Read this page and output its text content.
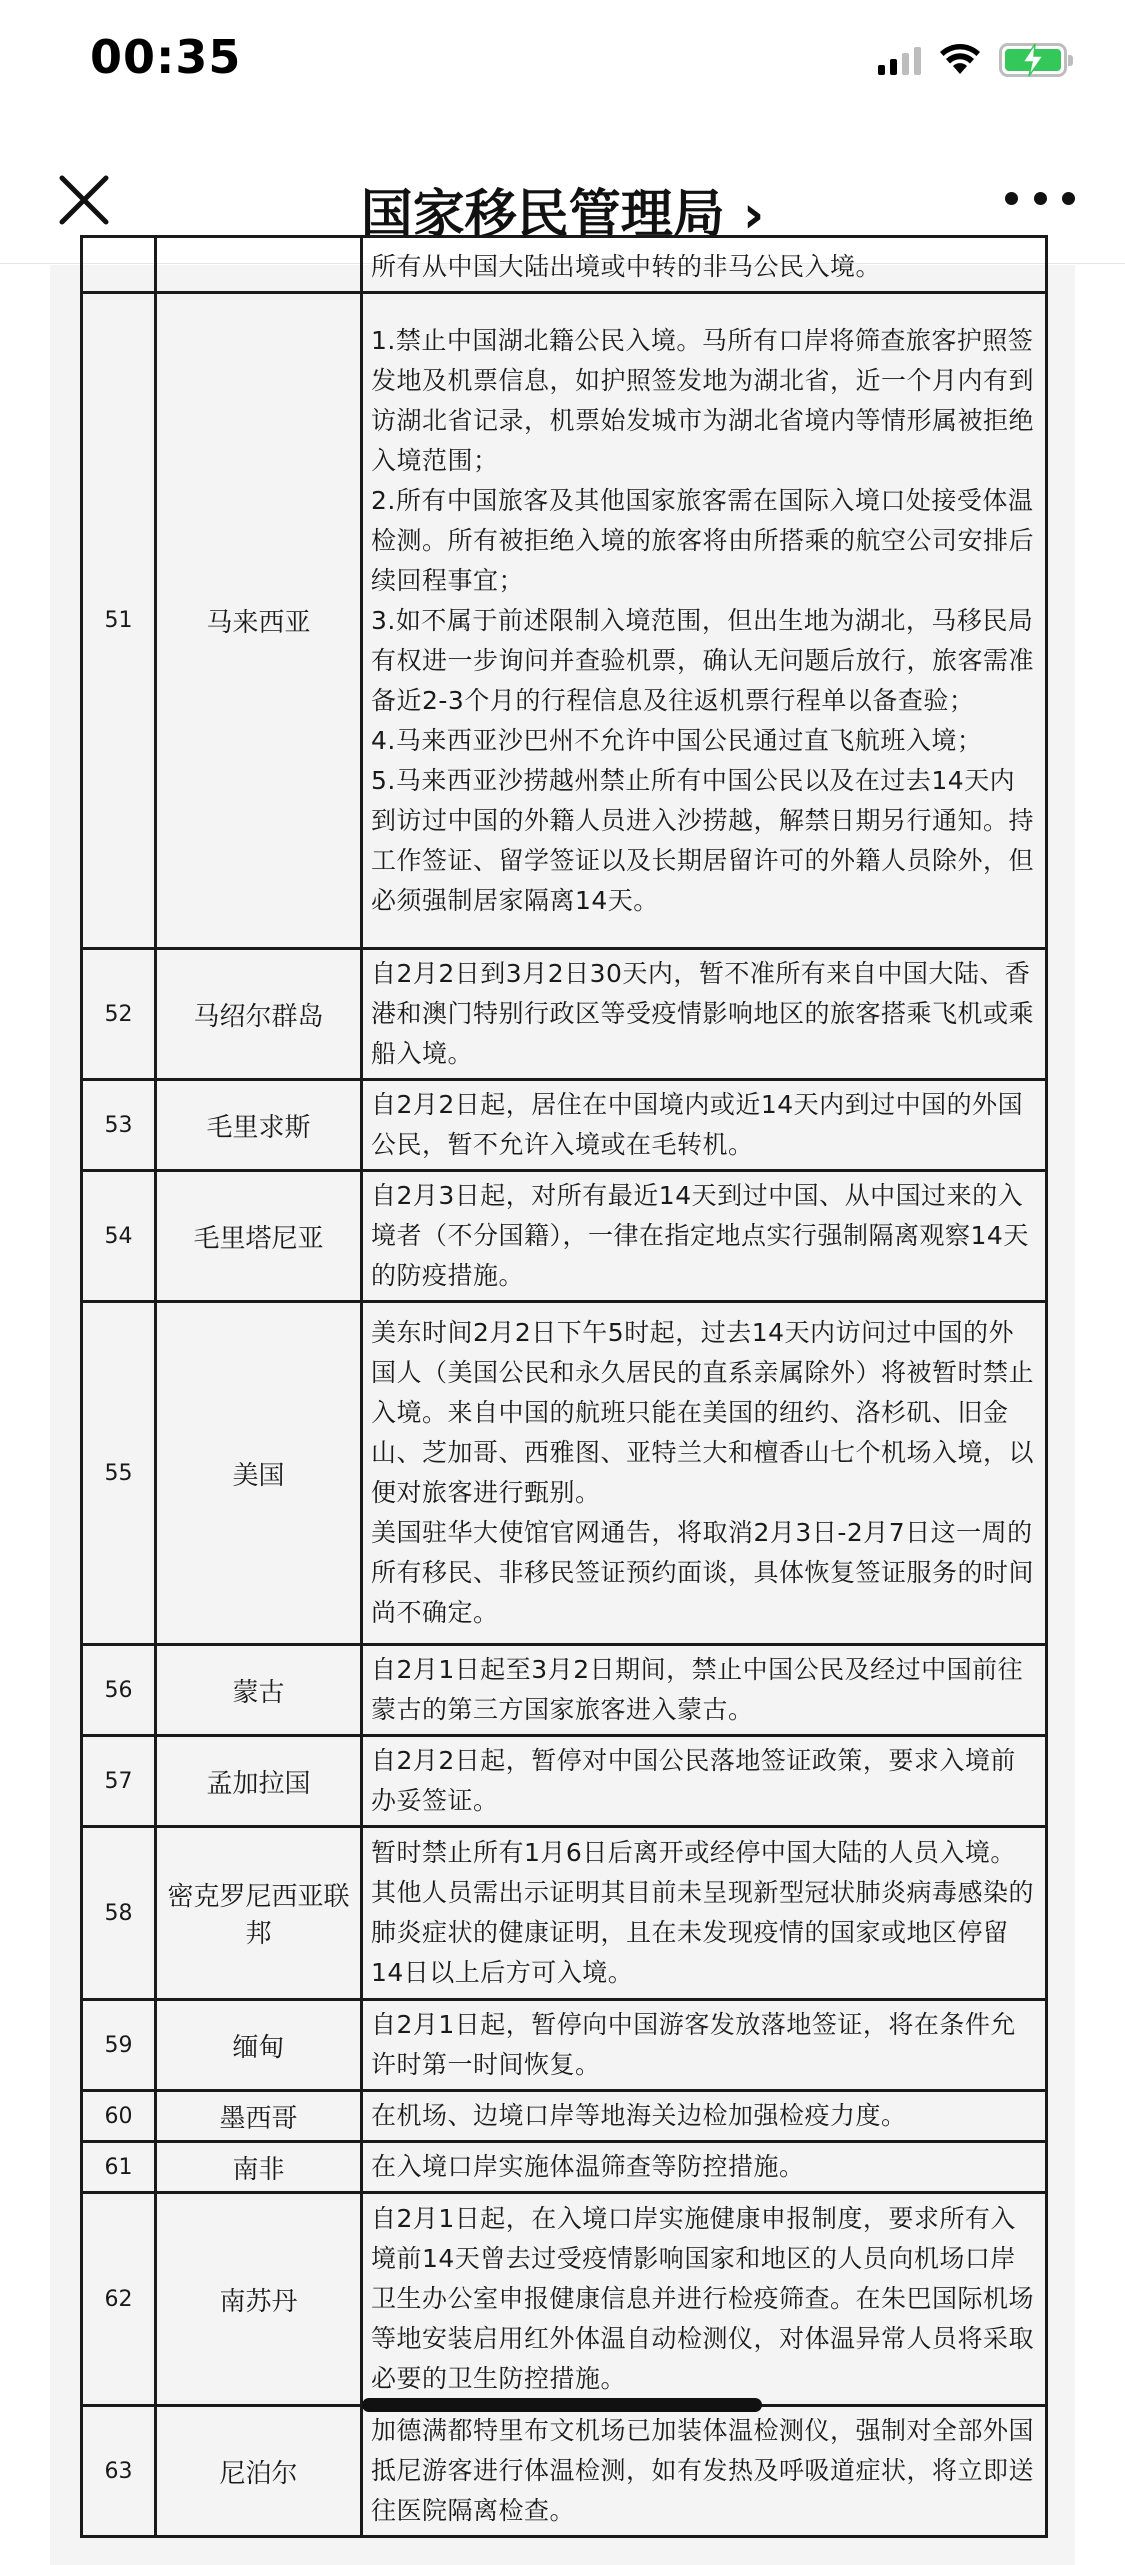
00:35
国家移民管理局 ›
		所有从中国大陆出境或中转的非马公民入境。
51	马来西亚	1.禁止中国湖北籍公民入境。马所有口岸将筛查旅客护照签发地及机票信息，如护照签发地为湖北省，近一个月内有到访湖北省记录，机票始发城市为湖北省境内等情形属被拒绝入境范围；
2.所有中国旅客及其他国家旅客需在国际入境口处接受体温检测。所有被拒绝入境的旅客将由所搭乘的航空公司安排后续回程事宜；
3.如不属于前述限制入境范围，但出生地为湖北，马移民局有权进一步询问并查验机票，确认无问题后放行，旅客需准备近2-3个月的行程信息及往返机票行程单以备查验；
4.马来西亚沙巴州不允许中国公民通过直飞航班入境；
5.马来西亚沙捞越州禁止所有中国公民以及在过去14天内到访过中国的外籍人员进入沙捞越，解禁日期另行通知。持工作签证、留学签证以及长期居留许可的外籍人员除外，但必须强制居家隔离14天。

52	马绍尔群岛	自2月2日到3月2日30天内，暂不准所有来自中国大陆、香港和澳门特别行政区等受疫情影响地区的旅客搭乘飞机或乘船入境。

53	毛里求斯	自2月2日起，居住在中国境内或近14天内到过中国的外国公民，暂不允许入境或在毛转机。

54	毛里塔尼亚	自2月3日起，对所有最近14天到过中国、从中国过来的入境者（不分国籍），一律在指定地点实行强制隔离观察14天的防疫措施。

55	美国	美东时间2月2日下午5时起，过去14天内访问过中国的外国人（美国公民和永久居民的直系亲属除外）将被暂时禁止入境。来自中国的航班只能在美国的纽约、洛杉矶、旧金山、芝加哥、西雅图、亚特兰大和檀香山七个机场入境，以便对旅客进行甄别。
美国驻华大使馆官网通告，将取消2月3日-2月7日这一周的所有移民、非移民签证预约面谈，具体恢复签证服务的时间尚不确定。

56	蒙古	自2月1日起至3月2日期间，禁止中国公民及经过中国前往蒙古的第三方国家旅客进入蒙古。

57	孟加拉国	自2月2日起，暂停对中国公民落地签证政策，要求入境前办妥签证。

58	密克罗尼西亚联邦	暂时禁止所有1月6日后离开或经停中国大陆的人员入境。其他人员需出示证明其目前未呈现新型冠状肺炎病毒感染的肺炎症状的健康证明，且在未发现疫情的国家或地区停留14日以上后方可入境。

59	缅甸	自2月1日起，暂停向中国游客发放落地签证，将在条件允许时第一时间恢复。

60	墨西哥	在机场、边境口岸等地海关边检加强检疫力度。

61	南非	在入境口岸实施体温筛查等防控措施。

62	南苏丹	自2月1日起，在入境口岸实施健康申报制度，要求所有入境前14天曾去过受疫情影响国家和地区的人员向机场口岸卫生办公室申报健康信息并进行检疫筛查。在朱巴国际机场等地安装启用红外体温自动检测仪，对体温异常人员将采取必要的卫生防控措施。

63	尼泊尔	加德满都特里布文机场已加装体温检测仪，强制对全部外国抵尼游客进行体温检测，如有发热及呼吸道症状，将立即送往医院隔离检查。
